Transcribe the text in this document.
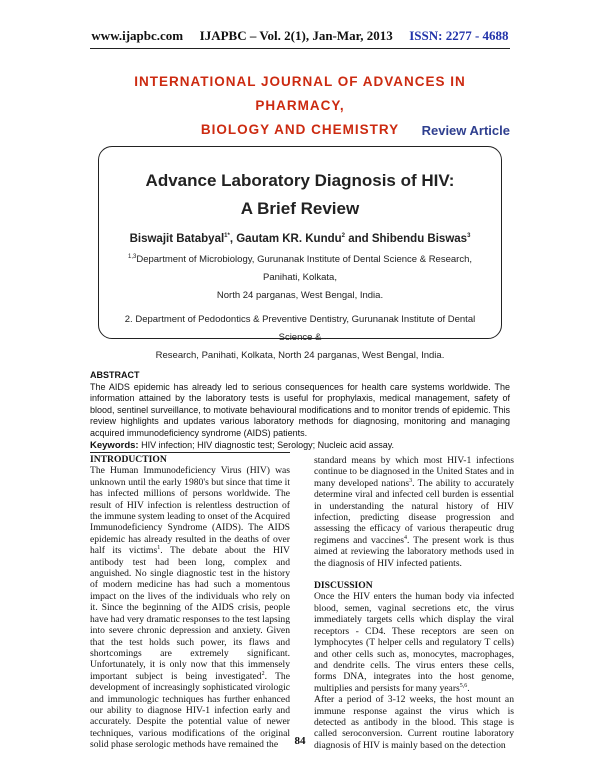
www.ijapbc.com IJAPBC – Vol. 2(1), Jan-Mar, 2013 ISSN: 2277 - 4688
INTERNATIONAL JOURNAL OF ADVANCES IN PHARMACY,
BIOLOGY AND CHEMISTRY	Review Article
Advance Laboratory Diagnosis of HIV: A Brief Review
Biswajit Batabyal$^{1*}$, Gautam KR. Kundu$^2$ and Shibendu Biswas$^3$
$^{1,3}$Department of Microbiology, Gurunanak Institute of Dental Science & Research, Panihati, Kolkata,
North 24 parganas, West Bengal, India.
2. Department of Pedodontics & Preventive Dentistry, Gurunanak Institute of Dental Science &
Research, Panihati, Kolkata, North 24 parganas, West Bengal, India.
ABSTRACT
The AIDS epidemic has already led to serious consequences for health care systems worldwide. The information attained by the laboratory tests is useful for prophylaxis, medical management, safety of blood, sentinel surveillance, to motivate behavioural modifications and to monitor trends of epidemic. This review highlights and updates various laboratory methods for diagnosing, monitoring and managing acquired immunodeficiency syndrome (AIDS) patients.
Keywords: HIV infection; HIV diagnostic test; Serology; Nucleic acid assay.
INTRODUCTION

The Human Immunodeficiency Virus (HIV) was unknown until the early 1980's but since that time it has infected millions of persons worldwide. The result of HIV infection is relentless destruction of the immune system leading to onset of the Acquired Immunodeficiency Syndrome (AIDS). The AIDS epidemic has already resulted in the deaths of over half its victims$^1$. The debate about the HIV antibody test had been long, complex and anguished. No single diagnostic test in the history of modern medicine has had such a momentous impact on the lives of the individuals who rely on it. Since the beginning of the AIDS crisis, people have had very dramatic responses to the test lapsing into severe chronic depression and anxiety. Given that the test holds such power, its flaws and shortcomings are extremely significant. Unfortunately, it is only now that this immensely important subject is being investigated$^2$. The development of increasingly sophisticated virologic and immunologic techniques has further enhanced our ability to diagnose HIV-1 infection early and accurately. Despite the potential value of newer techniques, various modifications of the original solid phase serologic methods have remained the

standard means by which most HIV-1 infections continue to be diagnosed in the United States and in many developed nations$^3$. The ability to accurately determine viral and infected cell burden is essential in understanding the natural history of HIV infection, predicting disease progression and assessing the efficacy of various therapeutic drug regimens and vaccines$^4$. The present work is thus aimed at reviewing the laboratory methods used in the diagnosis of HIV infected patients.

DISCUSSION

Once the HIV enters the human body via infected blood, semen, vaginal secretions etc, the virus immediately targets cells which display the viral receptors - CD4. These receptors are seen on lymphocytes (T helper cells and regulatory T cells) and other cells such as, monocytes, macrophages, and dendrite cells. The virus enters these cells, forms DNA, integrates into the host genome, multiplies and persists for many years$^{5,6}$.

After a period of 3-12 weeks, the host mount an immune response against the virus which is detected as antibody in the blood. This stage is called seroconversion. Current routine laboratory diagnosis of HIV is mainly based on the detection

84
